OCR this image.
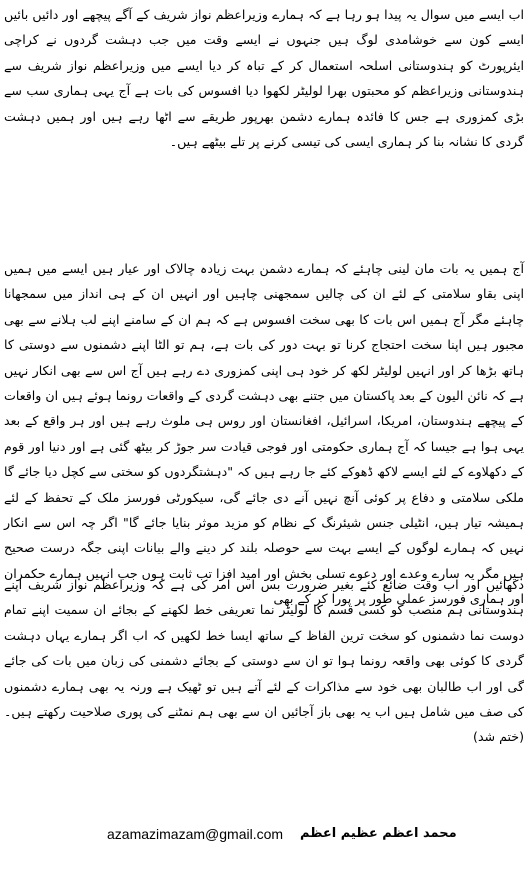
اب ایسے میں سوال یہ پیدا ہو رہا ہے کہ ہمارے وزیراعظم نواز شریف کے آگے پیچھے اور دائیں بائیں ایسے کون سے خوشامدی لوگ ہیں جنہوں نے ایسے وقت میں جب دہشت گردوں نے کراچی ایئرپورٹ کو ہندوستانی اسلحہ استعمال کر کے تباہ کر دیا ایسے میں وزیراعظم نواز شریف سے ہندوستانی وزیراعظم کو محبتوں بھرا لولیٹر لکھوا دیا افسوس کی بات ہے آج یہی ہماری سب سے بڑی کمزوری ہے جس کا فائدہ ہمارے دشمن بھرپور طریقے سے اٹھا رہے ہیں اور ہمیں دہشت گردی کا نشانہ بنا کر ہماری ایسی کی تیسی کرنے پر تلے بیٹھے ہیں۔

آج ہمیں یہ بات مان لینی چاہئے کہ ہمارے دشمن بہت زیادہ چالاک اور عیار ہیں ایسے میں ہمیں اپنی بقاو سلامتی کے لئے ان کی چالیں سمجھنی چاہیں اور انہیں ان کے ہی انداز میں سمجھانا چاہئے مگر آج ہمیں اس بات کا بھی سخت افسوس ہے کہ ہم ان کے سامنے اپنے لب ہلانے سے بھی مجبور ہیں اپنا سخت احتجاج کرنا تو بہت دور کی بات ہے، ہم تو الٹا اپنے دشمنوں سے دوستی کا ہاتھ بڑھا کر اور انہیں لولیٹر لکھ کر خود ہی اپنی کمزوری دے رہے ہیں آج اس سے بھی انکار نہیں ہے کہ نائن الیون کے بعد پاکستان میں جتنے بھی دہشت گردی کے واقعات رونما ہوئے ہیں ان واقعات کے پیچھے ہندوستان، امریکا، اسرائیل، افغانستان اور روس ہی ملوث رہے ہیں اور ہر واقع کے بعد یہی ہوا ہے جیسا کہ آج ہماری حکومتی اور فوجی قیادت سر جوڑ کر بیٹھ گئی ہے اور دنیا اور قوم کے دکھلاوے کے لئے ایسے لاکھ ڈھوکے کئے جا رہے ہیں کہ "دہشتگردوں کو سختی سے کچل دیا جائے گا ملکی سلامتی و دفاع پر کوئی آنچ نہیں آنے دی جائے گی، سیکورٹی فورسز ملک کے تحفظ کے لئے ہمیشہ تیار ہیں، انٹیلی جنس شیئرنگ کے نظام کو مزید موثر بنایا جائے گا" اگر چہ اس سے انکار نہیں کہ ہمارے لوگوں کے ایسے بہت سے حوصلہ بلند کر دینے والے بیانات اپنی جگہ درست صحیح ہیں مگر یہ سارے وعدے اور دعوے تسلی بخش اور امید افزا تب ثابت ہوں جب انہیں ہمارے حکمران اور ہماری فورسز عملی طور پر پورا کر کے بھی

دکھائیں اور اب وقت ضائع کئے بغیر ضرورت بس اس امر کی ہے کہ وزیراعظم نواز شریف اپنے ہندوستانی ہم منصب کو کسی قسم کا لولیٹر نما تعریفی خط لکھنے کے بجائے ان سمیت اپنے تمام دوست نما دشمنوں کو سخت ترین الفاظ کے ساتھ ایسا خط لکھیں کہ اب اگر ہمارے یہاں دہشت گردی کا کوئی بھی واقعہ رونما ہوا تو ان سے دوستی کے بجائے دشمنی کی زبان میں بات کی جائے گی اور اب طالبان بھی خود سے مذاکرات کے لئے آتے ہیں تو ٹھیک ہے ورنہ یہ بھی ہمارے دشمنوں کی صف میں شامل ہیں اب یہ بھی باز آجائیں ان سے بھی ہم نمٹنے کی پوری صلاحیت رکھتے ہیں۔ (ختم شد)

azamazimazam@gmail.com محمد اعظم عظیم اعظم
